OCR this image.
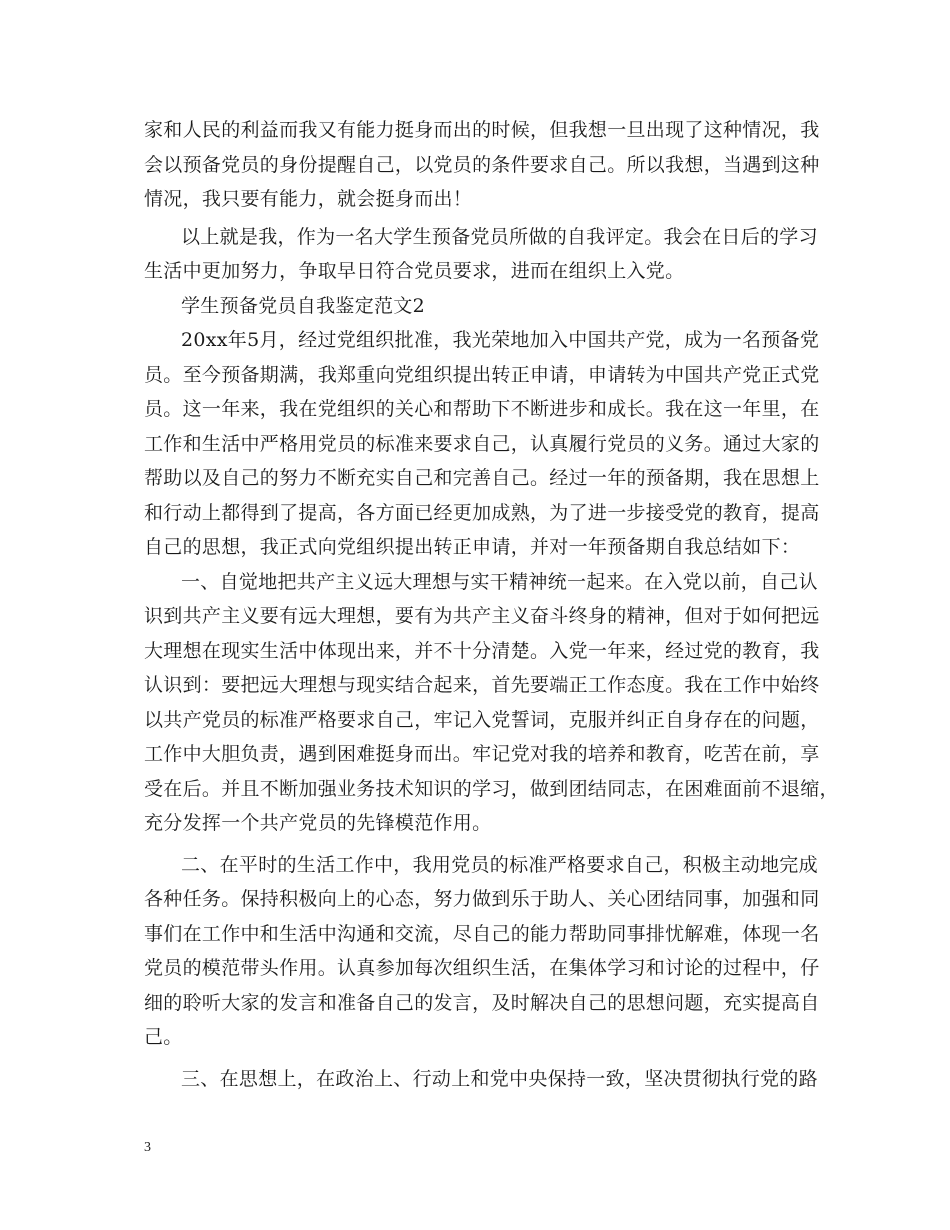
家和人民的利益而我又有能力挺身而出的时候，但我想一旦出现了这种情况，我
会以预备党员的身份提醒自己，以党员的条件要求自己。所以我想，当遇到这种
情况，我只要有能力，就会挺身而出！
以上就是我，作为一名大学生预备党员所做的自我评定。我会在日后的学习
生活中更加努力，争取早日符合党员要求，进而在组织上入党。
学生预备党员自我鉴定范文2
20xx年5月，经过党组织批准，我光荣地加入中国共产党，成为一名预备党
员。至今预备期满，我郑重向党组织提出转正申请，申请转为中国共产党正式党
员。这一年来，我在党组织的关心和帮助下不断进步和成长。我在这一年里，在
工作和生活中严格用党员的标准来要求自己，认真履行党员的义务。通过大家的
帮助以及自己的努力不断充实自己和完善自己。经过一年的预备期，我在思想上
和行动上都得到了提高，各方面已经更加成熟，为了进一步接受党的教育，提高
自己的思想，我正式向党组织提出转正申请，并对一年预备期自我总结如下：
一、自觉地把共产主义远大理想与实干精神统一起来。在入党以前，自己认
识到共产主义要有远大理想，要有为共产主义奋斗终身的精神，但对于如何把远
大理想在现实生活中体现出来，并不十分清楚。入党一年来，经过党的教育，我
认识到：要把远大理想与现实结合起来，首先要端正工作态度。我在工作中始终
以共产党员的标准严格要求自己，牢记入党誓词，克服并纠正自身存在的问题，
工作中大胆负责，遇到困难挺身而出。牢记党对我的培养和教育，吃苦在前，享
受在后。并且不断加强业务技术知识的学习，做到团结同志，在困难面前不退缩，
充分发挥一个共产党员的先锋模范作用。
二、在平时的生活工作中，我用党员的标准严格要求自己，积极主动地完成
各种任务。保持积极向上的心态，努力做到乐于助人、关心团结同事，加强和同
事们在工作中和生活中沟通和交流，尽自己的能力帮助同事排忧解难，体现一名
党员的模范带头作用。认真参加每次组织生活，在集体学习和讨论的过程中，仔
细的聆听大家的发言和准备自己的发言，及时解决自己的思想问题，充实提高自
己。
三、在思想上，在政治上、行动上和党中央保持一致，坚决贯彻执行党的路
3
